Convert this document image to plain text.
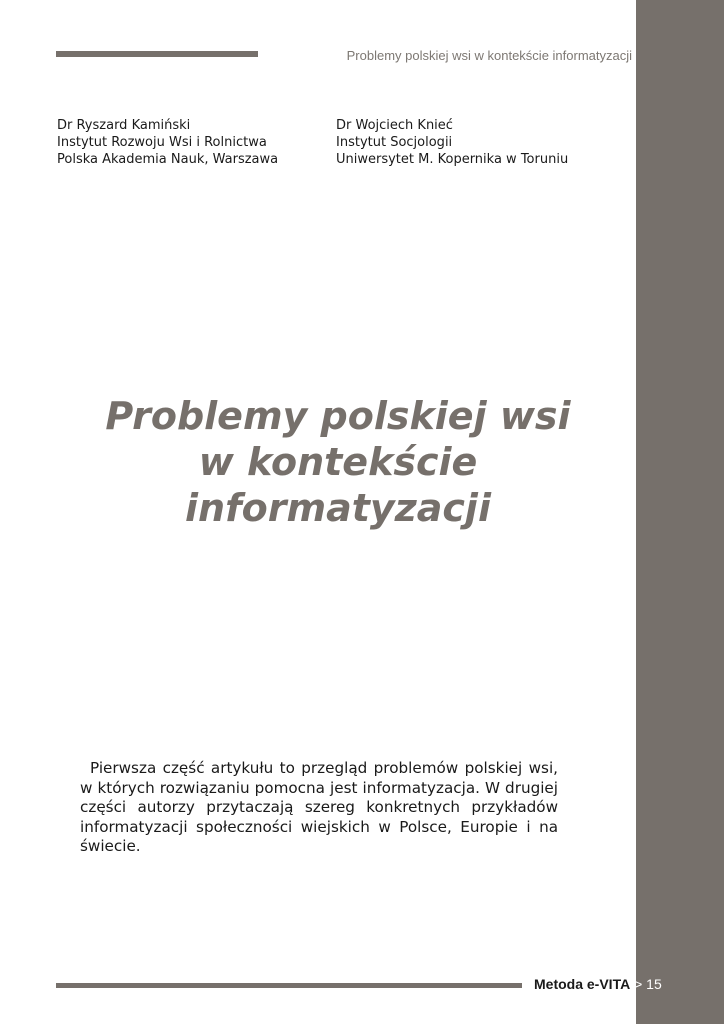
Problemy polskiej wsi w kontekście informatyzacji
Dr Ryszard Kamiński
Instytut Rozwoju Wsi i Rolnictwa
Polska Akademia Nauk, Warszawa
Dr Wojciech Knieć
Instytut Socjologii
Uniwersytet M. Kopernika w Toruniu
Problemy polskiej wsi
w kontekście
informatyzacji
Pierwsza część artykułu to przegląd problemów polskiej wsi, w których rozwiązaniu pomocna jest informatyzacja. W drugiej części autorzy przytaczają szereg konkretnych przykładów informatyzacji społeczności wiejskich w Polsce, Europie i na świecie.
Metoda e-VITA > 15
